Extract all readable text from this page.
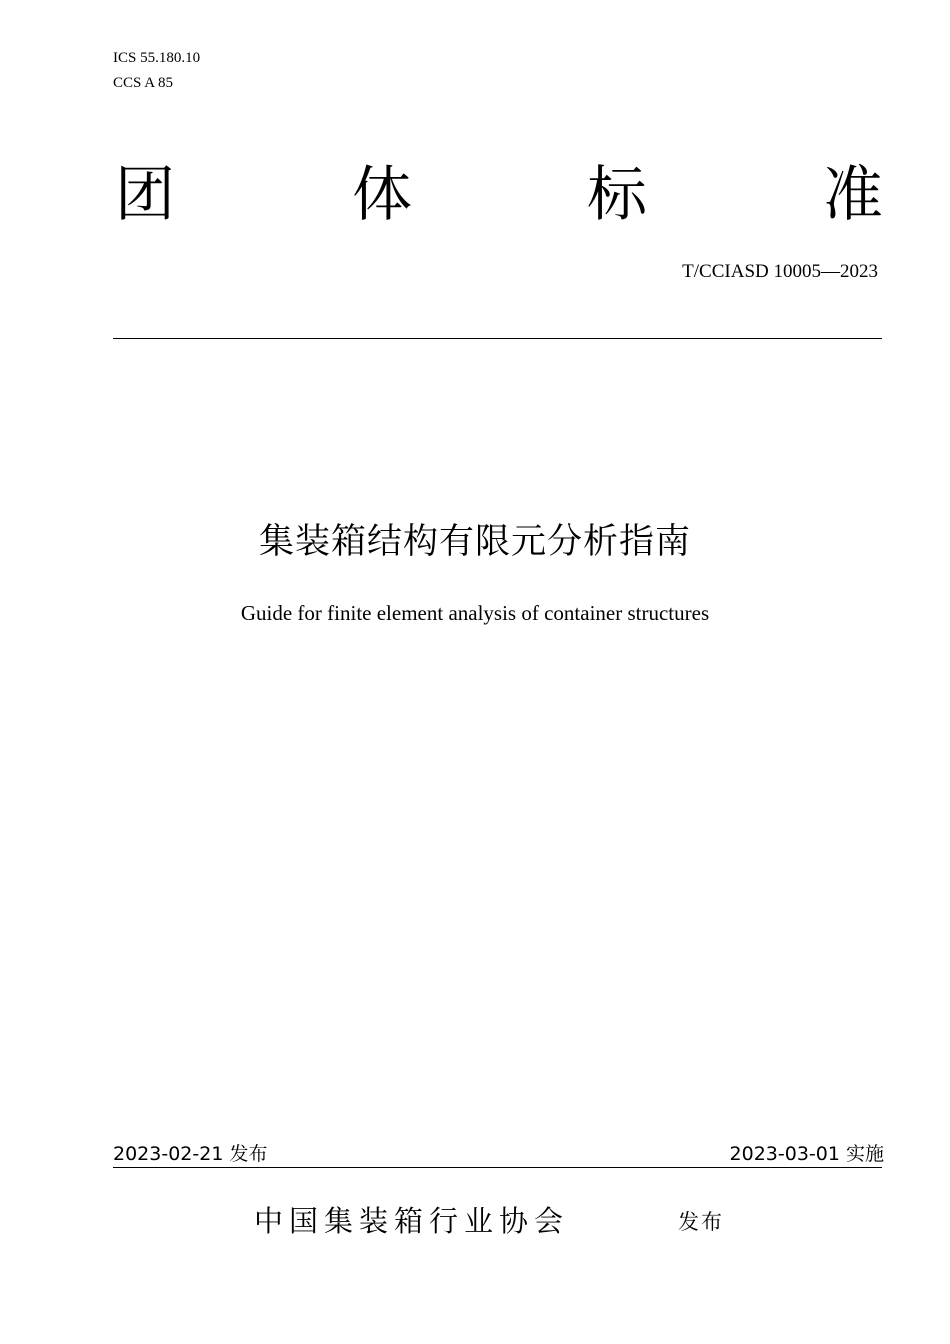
ICS 55.180.10
CCS A 85
团	体	标	准
T/CCIASD 10005—2023
集装箱结构有限元分析指南
Guide for finite element analysis of container structures
2023-02-21 发布	2023-03-01 实施
中国集装箱行业协会	发布
